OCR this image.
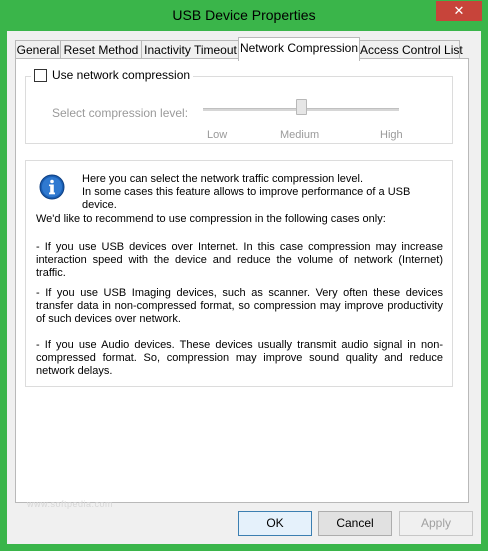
USB Device Properties	✕
General Reset Method Inactivity Timeout Network Compression Access Control List
Use network compression
Select compression level:
Low	Medium	High
Here you can select the network traffic compression level.
In some cases this feature allows to improve performance of a USB device.
We'd like to recommend to use compression in the following cases only:
- If you use USB devices over Internet. In this case compression may increase interaction speed with the device and reduce the volume of network (Internet) traffic.
- If you use USB Imaging devices, such as scanner. Very often these devices transfer data in non-compressed format, so compression may improve productivity of such devices over network.
- If you use Audio devices. These devices usually transmit audio signal in non-compressed format. So, compression may improve sound quality and reduce network delays.
www.softpedia.com
OK	Cancel	Apply
